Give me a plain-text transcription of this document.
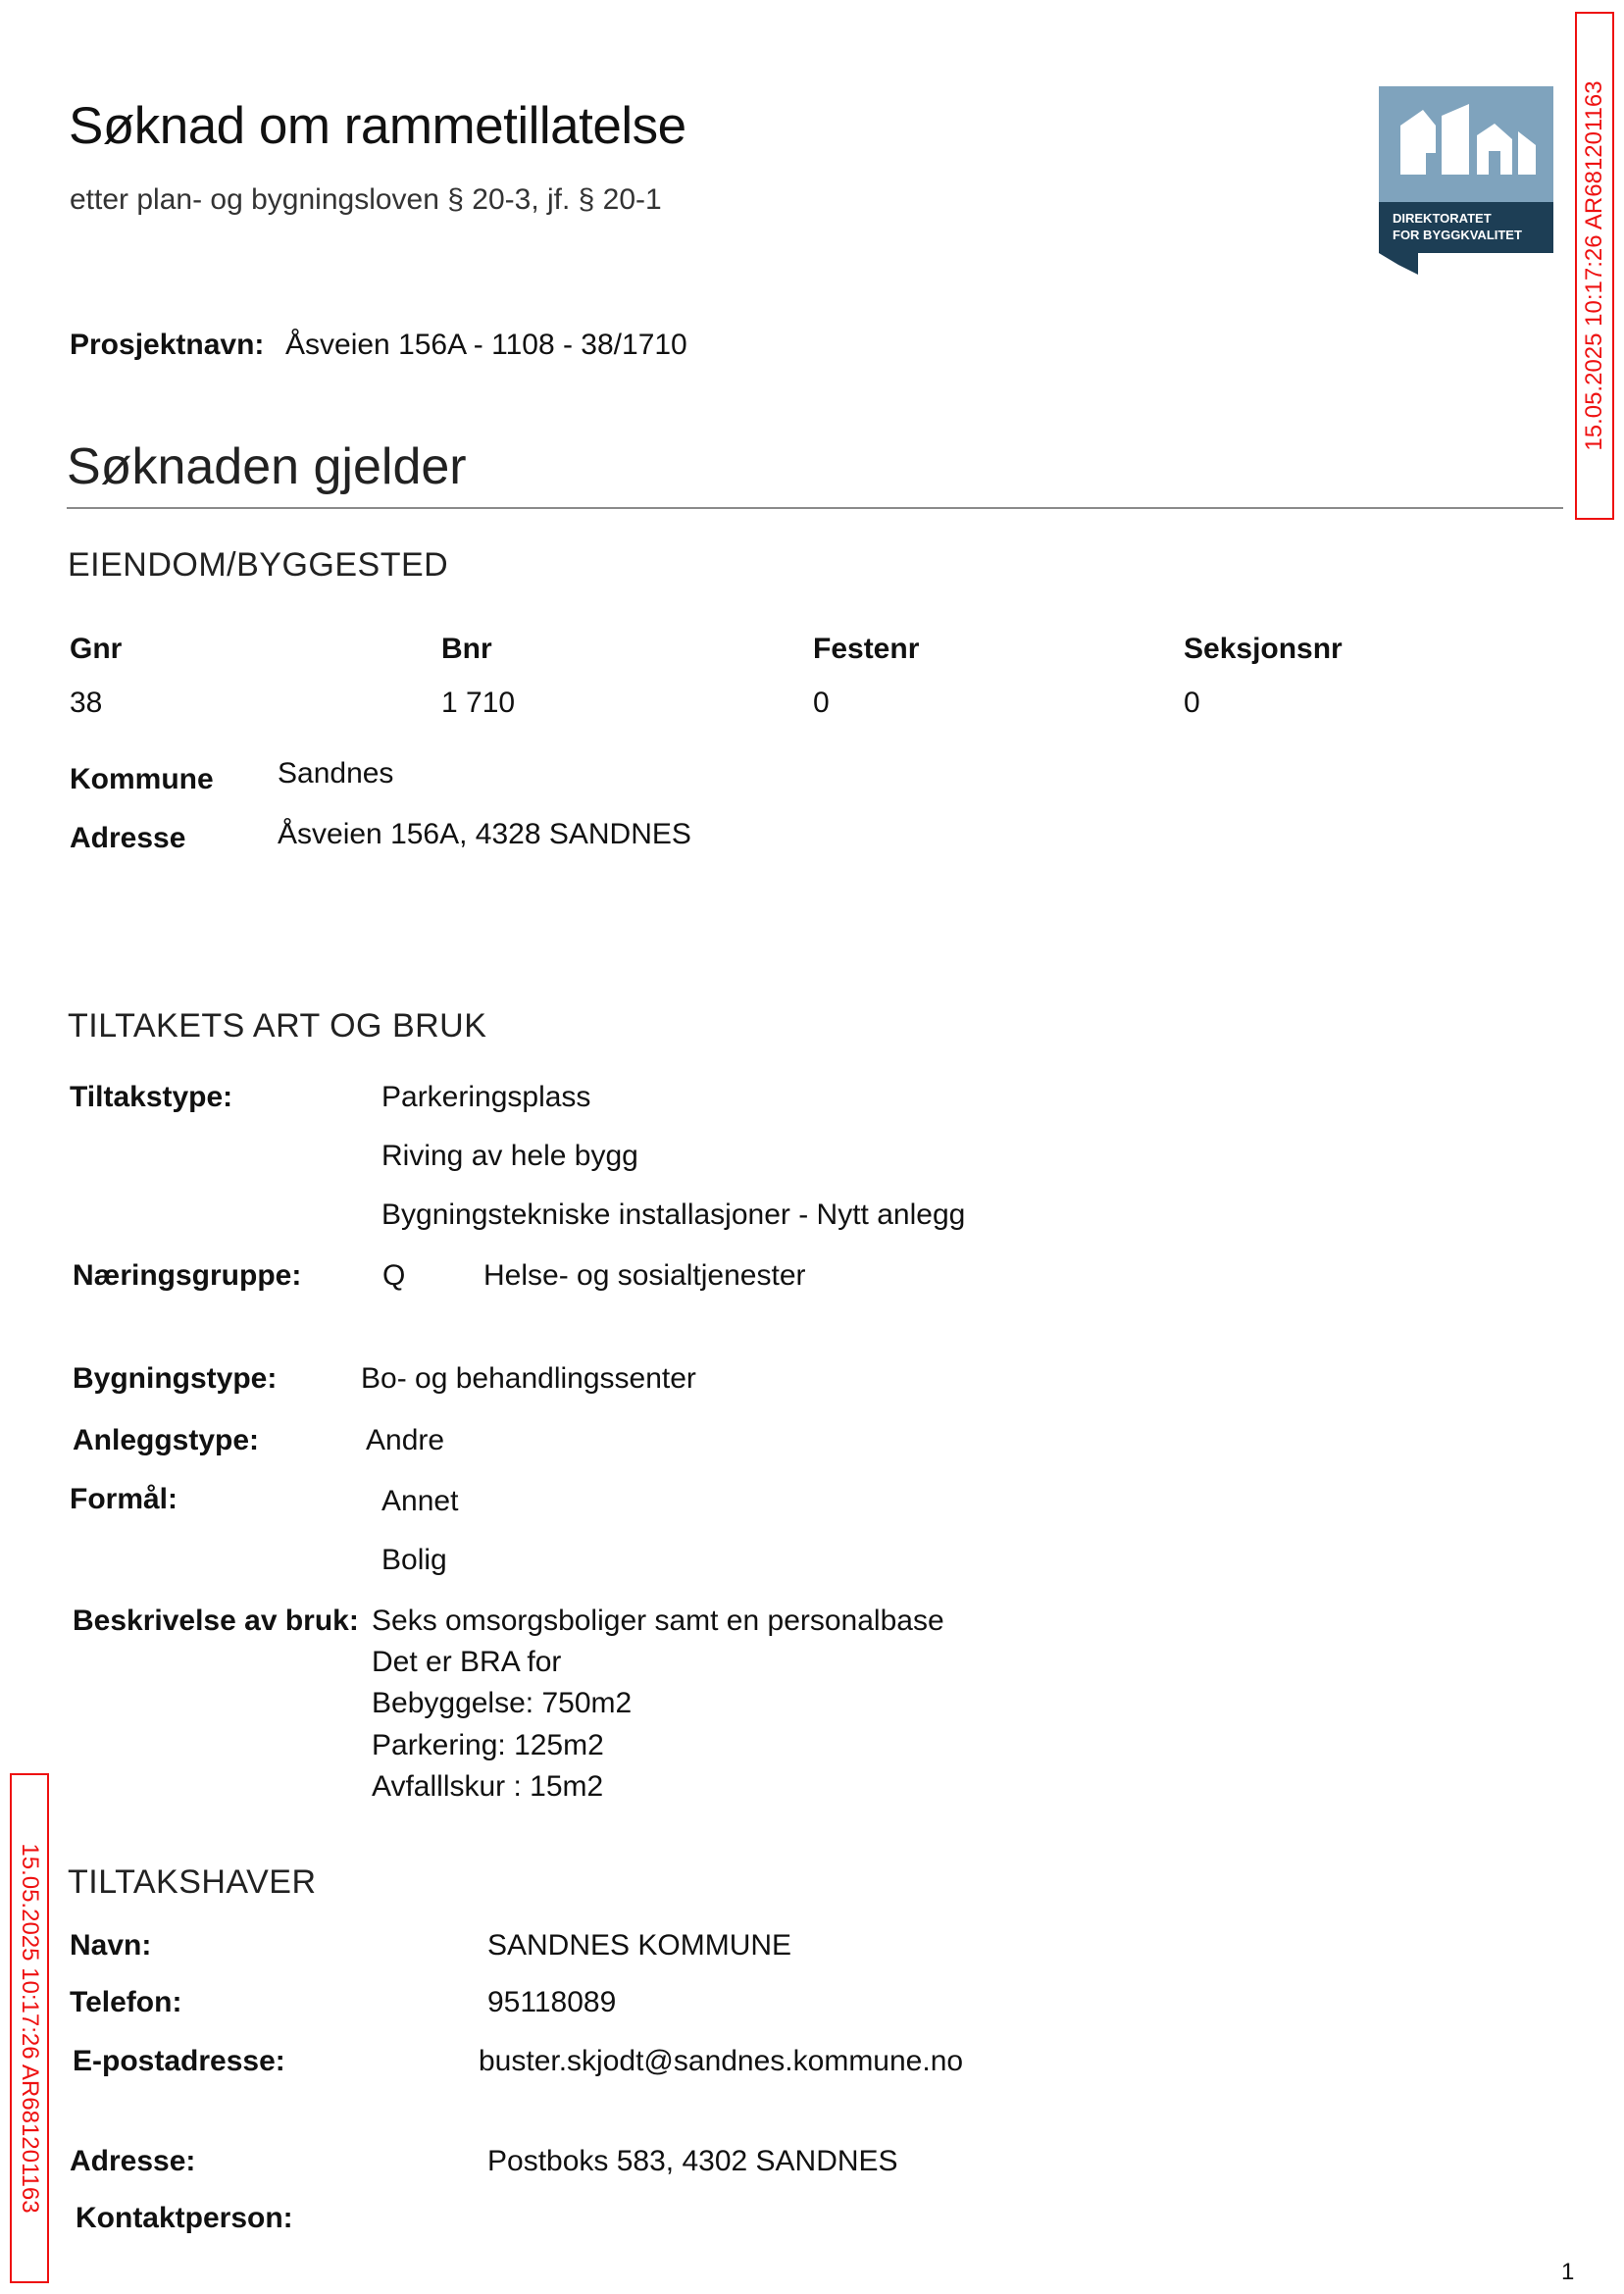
Søknad om rammetillatelse
etter plan- og bygningsloven § 20-3, jf. § 20-1
DIREKTORATET
FOR BYGGKVALITET	15.05.2025 10:17:26 AR681201163
15.05.2025 10:17:26 AR681201163
Prosjektnavn: Åsveien 156A - 1108 - 38/1710
Søknaden gjelder
EIENDOM/BYGGESTED
Gnr	Bnr	Festenr	Seksjonsnr
38	1 710	0	0
Kommune Sandnes
Adresse	Åsveien 156A, 4328 SANDNES
TILTAKETS ART OG BRUK
Tiltakstype:	Parkeringsplass
Riving av hele bygg
Bygningstekniske installasjoner - Nytt anlegg
Næringsgruppe:	Q	Helse- og sosialtjenester
Bygningstype:	Bo- og behandlingssenter
Anleggstype:	Andre
Formål:	Annet
Bolig
Beskrivelse av bruk: Seks omsorgsboliger samt en personalbase
Det er BRA for
Bebyggelse: 750m2
Parkering: 125m2
Avfalllskur : 15m2
TILTAKSHAVER
Navn:	SANDNES KOMMUNE
Telefon:	95118089
E-postadresse:	buster.skjodt@sandnes.kommune.no
Adresse:	Postboks 583, 4302 SANDNES
Kontaktperson:
1
